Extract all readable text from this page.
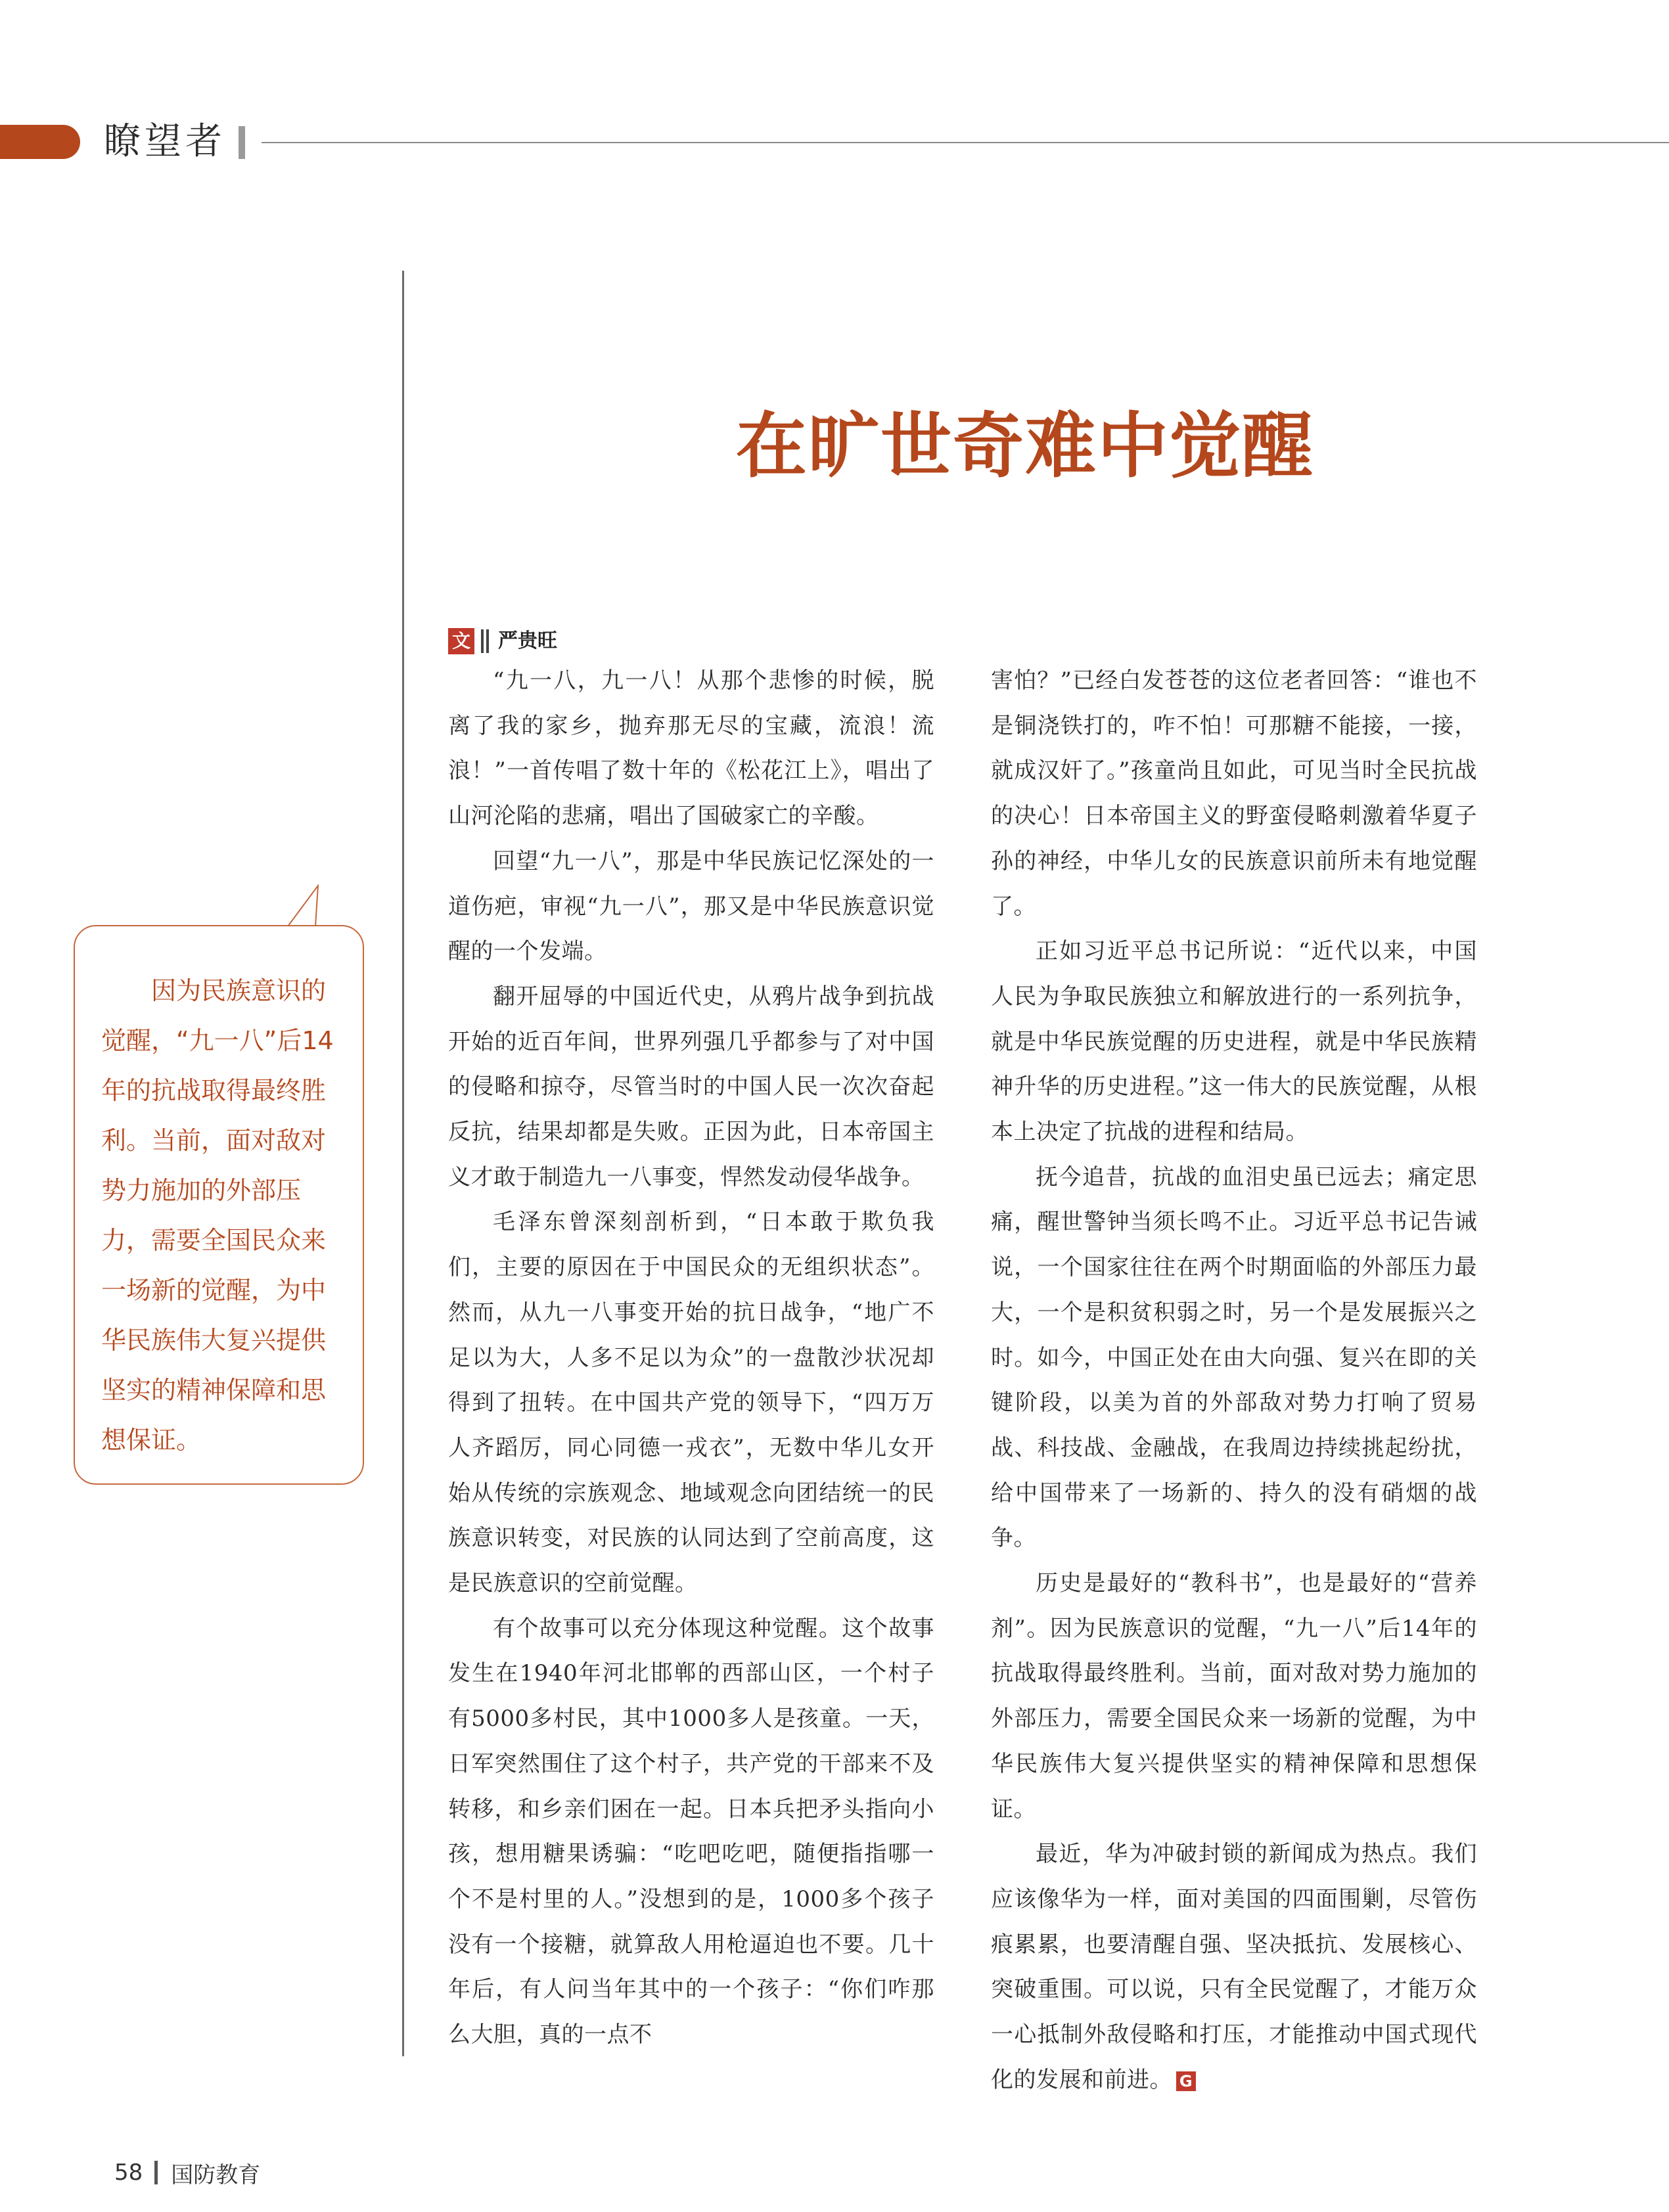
瞭望者
在旷世奇难中觉醒
文 严贵旺

因为民族意识的觉醒，“九一八”后14年的抗战取得最终胜利。当前，面对敌对势力施加的外部压力，需要全国民众来一场新的觉醒，为中华民族伟大复兴提供坚实的精神保障和思想保证。

“九一八，九一八！从那个悲惨的时候，脱离了我的家乡，抛弃那无尽的宝藏，流浪！流浪！”一首传唱了数十年的《松花江上》，唱出了山河沦陷的悲痛，唱出了国破家亡的辛酸。

回望“九一八”，那是中华民族记忆深处的一道伤疤，审视“九一八”，那又是中华民族意识觉醒的一个发端。

翻开屈辱的中国近代史，从鸦片战争到抗战开始的近百年间，世界列强几乎都参与了对中国的侵略和掠夺，尽管当时的中国人民一次次奋起反抗，结果却都是失败。正因为此，日本帝国主义才敢于制造九一八事变，悍然发动侵华战争。

毛泽东曾深刻剖析到，“日本敢于欺负我们，主要的原因在于中国民众的无组织状态”。然而，从九一八事变开始的抗日战争，“地广不足以为大，人多不足以为众”的一盘散沙状况却得到了扭转。在中国共产党的领导下，“四万万人齐蹈厉，同心同德一戎衣”，无数中华儿女开始从传统的宗族观念、地域观念向团结统一的民族意识转变，对民族的认同达到了空前高度，这是民族意识的空前觉醒。

有个故事可以充分体现这种觉醒。这个故事发生在1940年河北邯郸的西部山区，一个村子有5000多村民，其中1000多人是孩童。一天，日军突然围住了这个村子，共产党的干部来不及转移，和乡亲们困在一起。日本兵把矛头指向小孩，想用糖果诱骗：“吃吧吃吧，随便指指哪一个不是村里的人。”没想到的是，1000多个孩子没有一个接糖，就算敌人用枪逼迫也不要。几十年后，有人问当年其中的一个孩子：“你们咋那么大胆，真的一点不

害怕？”已经白发苍苍的这位老者回答：“谁也不是铜浇铁打的，咋不怕！可那糖不能接，一接，就成汉奸了。”孩童尚且如此，可见当时全民抗战的决心！日本帝国主义的野蛮侵略刺激着华夏子孙的神经，中华儿女的民族意识前所未有地觉醒了。

正如习近平总书记所说：“近代以来，中国人民为争取民族独立和解放进行的一系列抗争，就是中华民族觉醒的历史进程，就是中华民族精神升华的历史进程。”这一伟大的民族觉醒，从根本上决定了抗战的进程和结局。

抚今追昔，抗战的血泪史虽已远去；痛定思痛，醒世警钟当须长鸣不止。习近平总书记告诫说，一个国家往往在两个时期面临的外部压力最大，一个是积贫积弱之时，另一个是发展振兴之时。如今，中国正处在由大向强、复兴在即的关键阶段，以美为首的外部敌对势力打响了贸易战、科技战、金融战，在我周边持续挑起纷扰，给中国带来了一场新的、持久的没有硝烟的战争。

历史是最好的“教科书”，也是最好的“营养剂”。因为民族意识的觉醒，“九一八”后14年的抗战取得最终胜利。当前，面对敌对势力施加的外部压力，需要全国民众来一场新的觉醒，为中华民族伟大复兴提供坚实的精神保障和思想保证。

最近，华为冲破封锁的新闻成为热点。我们应该像华为一样，面对美国的四面围剿，尽管伤痕累累，也要清醒自强、坚决抵抗、发展核心、突破重围。可以说，只有全民觉醒了，才能万众一心抵制外敌侵略和打压，才能推动中国式现代化的发展和前进。 G

58 国防教育
